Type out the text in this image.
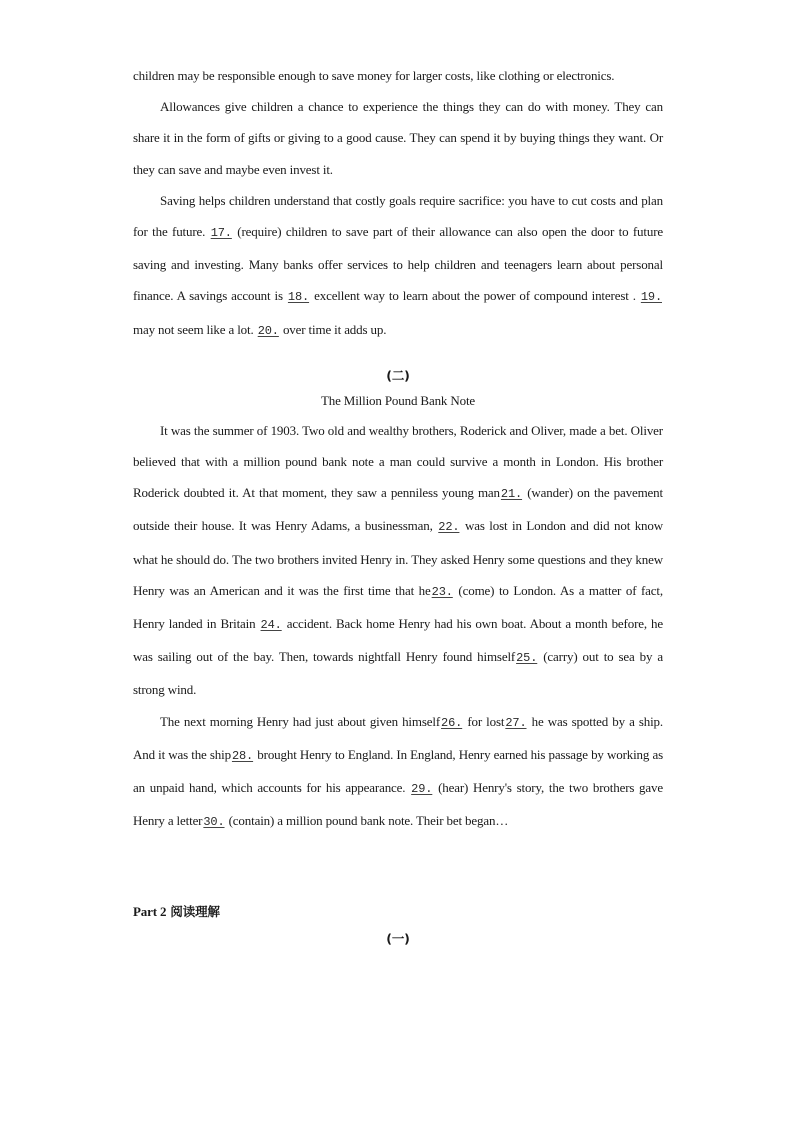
children may be responsible enough to save money for larger costs, like clothing or electronics.

Allowances give children a chance to experience the things they can do with money. They can share it in the form of gifts or giving to a good cause. They can spend it by buying things they want. Or they can save and maybe even invest it.

Saving helps children understand that costly goals require sacrifice: you have to cut costs and plan for the future. 17. (require) children to save part of their allowance can also open the door to future saving and investing. Many banks offer services to help children and teenagers learn about personal finance. A savings account is 18. excellent way to learn about the power of compound interest . 19. may not seem like a lot. 20. over time it adds up.

(二)
The Million Pound Bank Note

It was the summer of 1903. Two old and wealthy brothers, Roderick and Oliver, made a bet. Oliver believed that with a million pound bank note a man could survive a month in London. His brother Roderick doubted it. At that moment, they saw a penniless young man21. (wander) on the pavement outside their house. It was Henry Adams, a businessman, 22. was lost in London and did not know what he should do. The two brothers invited Henry in. They asked Henry some questions and they knew Henry was an American and it was the first time that he23. (come) to London. As a matter of fact, Henry landed in Britain 24. accident. Back home Henry had his own boat. About a month before, he was sailing out of the bay. Then, towards nightfall Henry found himself25. (carry) out to sea by a strong wind.

The next morning Henry had just about given himself26. for lost27. he was spotted by a ship. And it was the ship28. brought Henry to England. In England, Henry earned his passage by working as an unpaid hand, which accounts for his appearance. 29. (hear) Henry's story, the two brothers gave Henry a letter30. (contain) a million pound bank note. Their bet began…

Part 2 阅读理解
(一)
